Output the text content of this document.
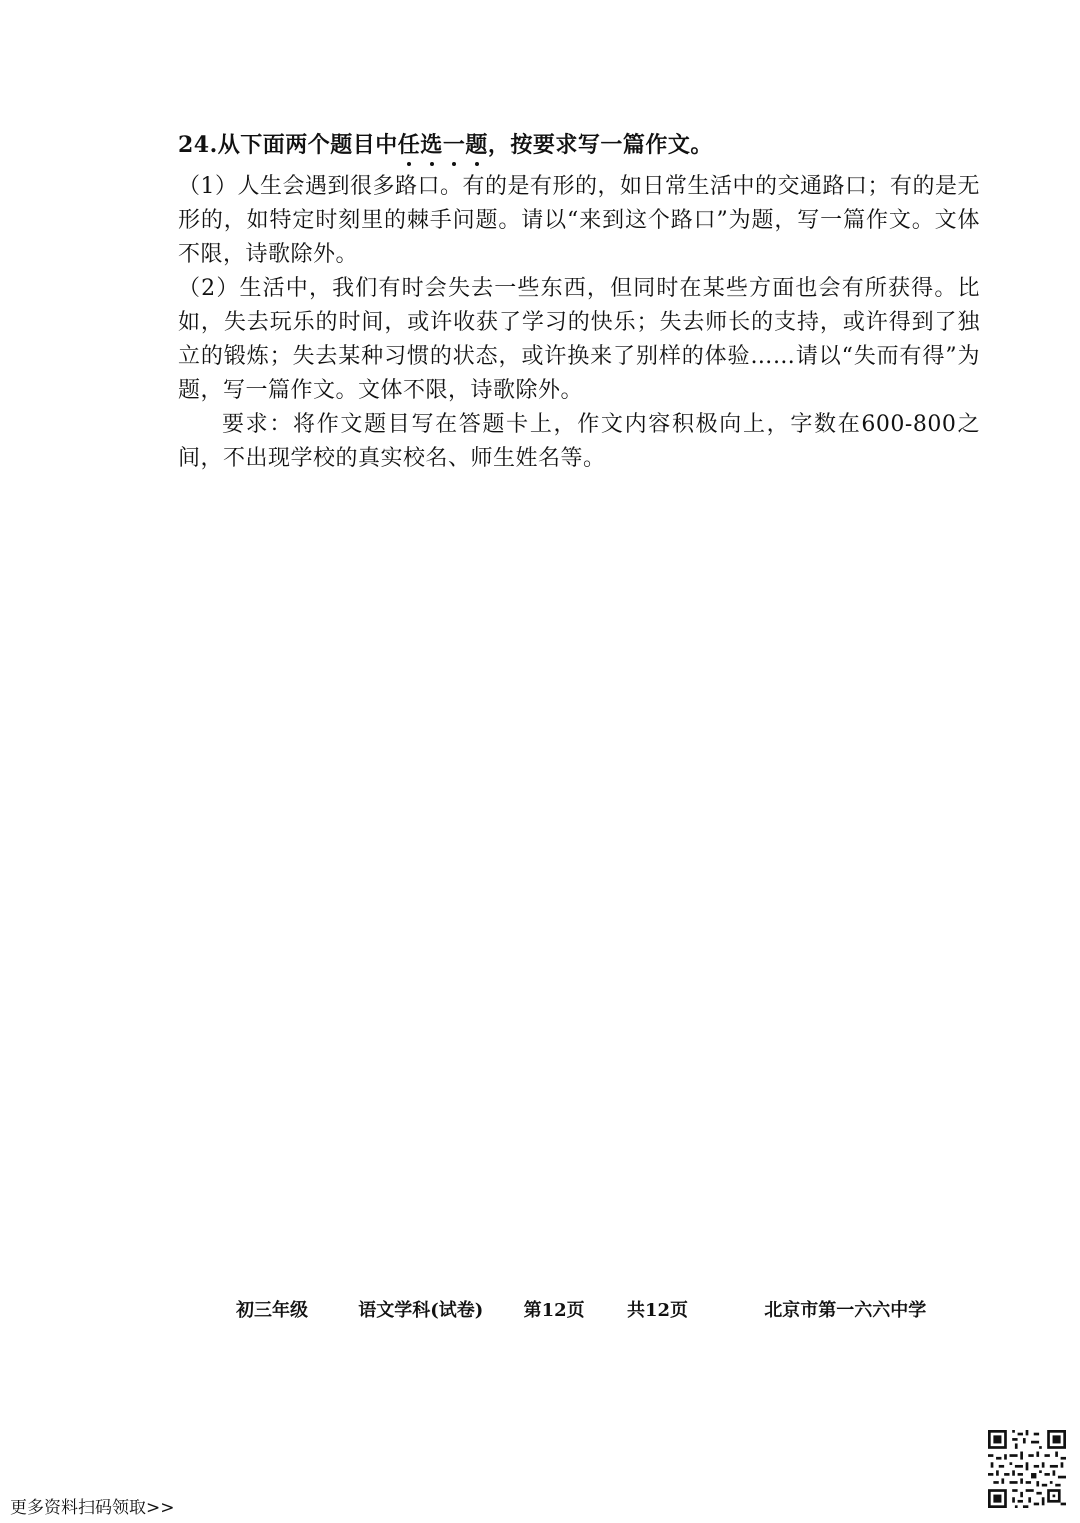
24.从下面两个题目中任选一题，按要求写一篇作文。

（1）人生会遇到很多路口。有的是有形的，如日常生活中的交通路口；有的是无形的，如特定时刻里的棘手问题。请以“来到这个路口”为题，写一篇作文。文体不限，诗歌除外。

（2）生活中，我们有时会失去一些东西，但同时在某些方面也会有所获得。比如，失去玩乐的时间，或许收获了学习的快乐；失去师长的支持，或许得到了独立的锻炼；失去某种习惯的状态，或许换来了别样的体验……请以“失而有得”为题，写一篇作文。文体不限，诗歌除外。

要求：将作文题目写在答题卡上，作文内容积极向上，字数在600-800之间，不出现学校的真实校名、师生姓名等。

初三年级	语文学科(试卷) 第12页 共12页	北京市第一六六中学
更多资料扫码领取>>
